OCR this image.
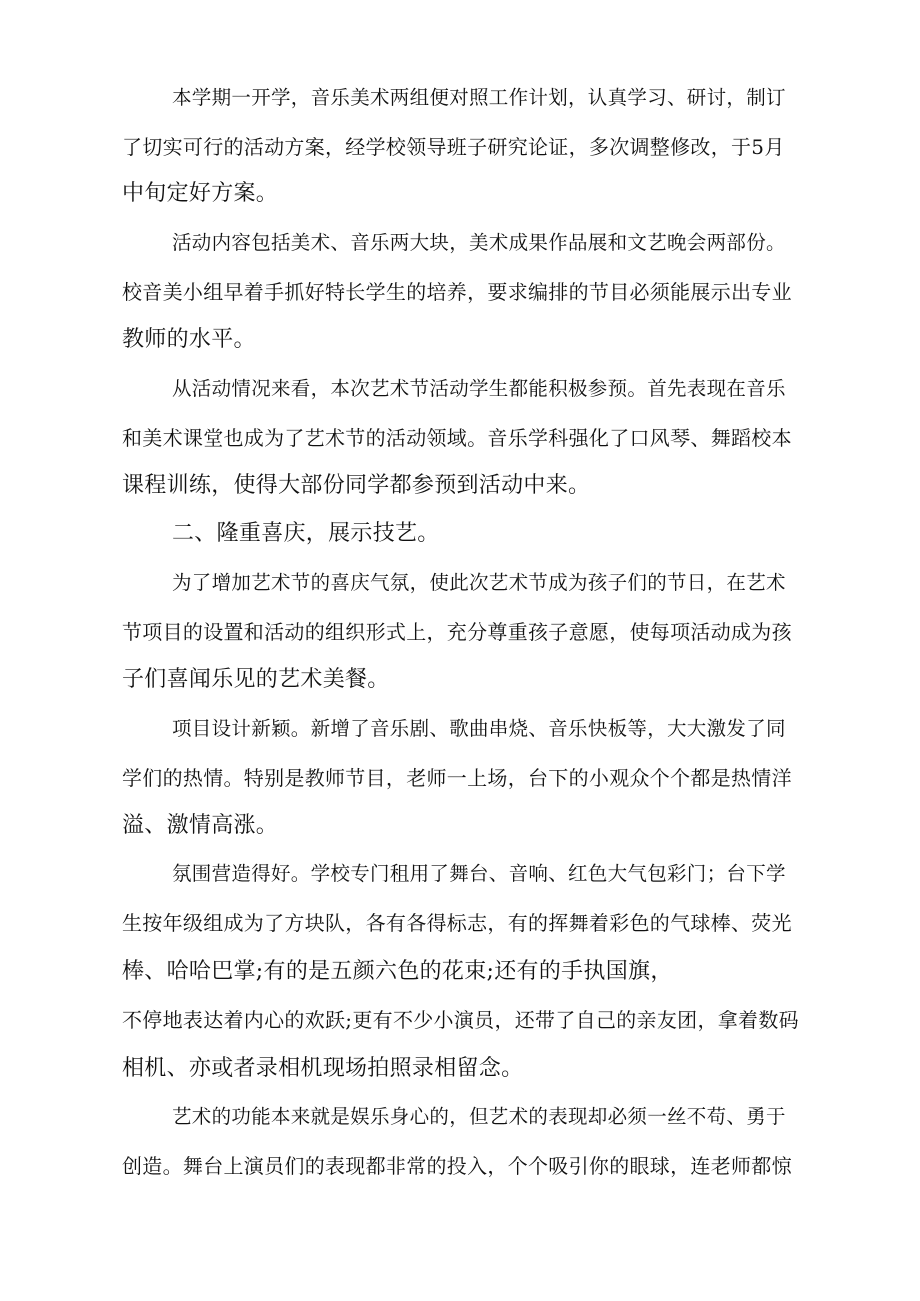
本学期一开学，音乐美术两组便对照工作计划，认真学习、研讨，制订
了切实可行的活动方案，经学校领导班子研究论证，多次调整修改，于5月
中旬定好方案。
活动内容包括美术、音乐两大块，美术成果作品展和文艺晚会两部份。
校音美小组早着手抓好特长学生的培养，要求编排的节目必须能展示出专业
教师的水平。
从活动情况来看，本次艺术节活动学生都能积极参预。首先表现在音乐
和美术课堂也成为了艺术节的活动领域。音乐学科强化了口风琴、舞蹈校本
课程训练，使得大部份同学都参预到活动中来。
二、隆重喜庆，展示技艺。
为了增加艺术节的喜庆气氛，使此次艺术节成为孩子们的节日，在艺术
节项目的设置和活动的组织形式上，充分尊重孩子意愿，使每项活动成为孩
子们喜闻乐见的艺术美餐。
项目设计新颖。新增了音乐剧、歌曲串烧、音乐快板等，大大激发了同
学们的热情。特别是教师节目，老师一上场，台下的小观众个个都是热情洋
溢、激情高涨。
氛围营造得好。学校专门租用了舞台、音响、红色大气包彩门；台下学
生按年级组成为了方块队，各有各得标志，有的挥舞着彩色的气球棒、荧光
棒、哈哈巴掌;有的是五颜六色的花束;还有的手执国旗，
不停地表达着内心的欢跃;更有不少小演员，还带了自己的亲友团，拿着数码
相机、亦或者录相机现场拍照录相留念。
艺术的功能本来就是娱乐身心的，但艺术的表现却必须一丝不苟、勇于
创造。舞台上演员们的表现都非常的投入，个个吸引你的眼球，连老师都惊
